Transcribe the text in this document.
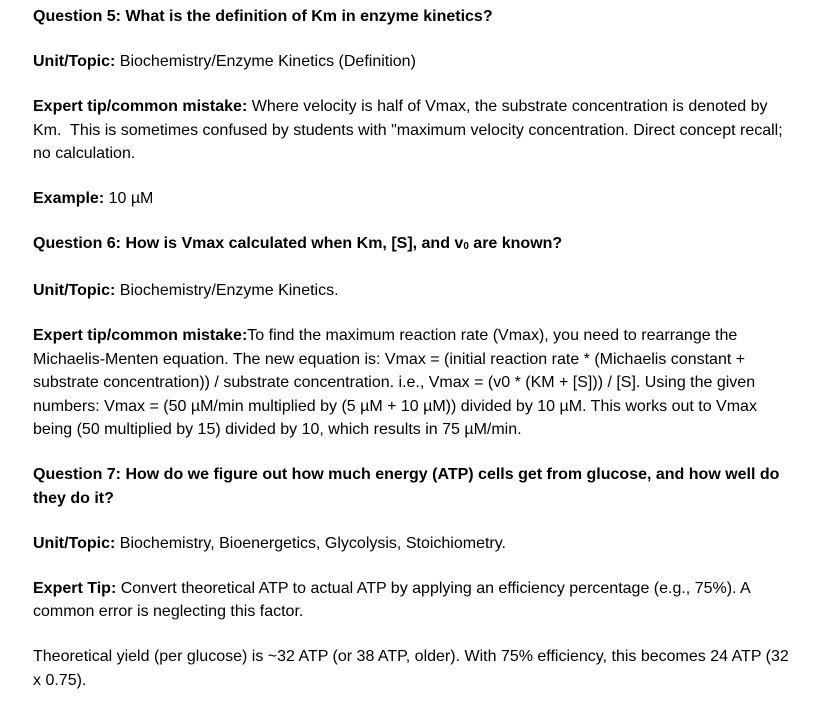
Question 5: What is the definition of Km in enzyme kinetics?

Unit/Topic: Biochemistry/Enzyme Kinetics (Definition)

Expert tip/common mistake: Where velocity is half of Vmax, the substrate concentration is denoted by Km.  This is sometimes confused by students with "maximum velocity concentration. Direct concept recall; no calculation.

Example: 10 µM

Question 6: How is Vmax calculated when Km, [S], and v0 are known?

Unit/Topic: Biochemistry/Enzyme Kinetics.

Expert tip/common mistake:To find the maximum reaction rate (Vmax), you need to rearrange the Michaelis-Menten equation. The new equation is: Vmax = (initial reaction rate * (Michaelis constant + substrate concentration)) / substrate concentration. i.e., Vmax = (v0 * (KM + [S])) / [S]. Using the given numbers: Vmax = (50 µM/min multiplied by (5 µM + 10 µM)) divided by 10 µM. This works out to Vmax being (50 multiplied by 15) divided by 10, which results in 75 µM/min.

Question 7: How do we figure out how much energy (ATP) cells get from glucose, and how well do they do it?

Unit/Topic: Biochemistry, Bioenergetics, Glycolysis, Stoichiometry.

Expert Tip: Convert theoretical ATP to actual ATP by applying an efficiency percentage (e.g., 75%). A common error is neglecting this factor.

Theoretical yield (per glucose) is ~32 ATP (or 38 ATP, older). With 75% efficiency, this becomes 24 ATP (32 x 0.75).
